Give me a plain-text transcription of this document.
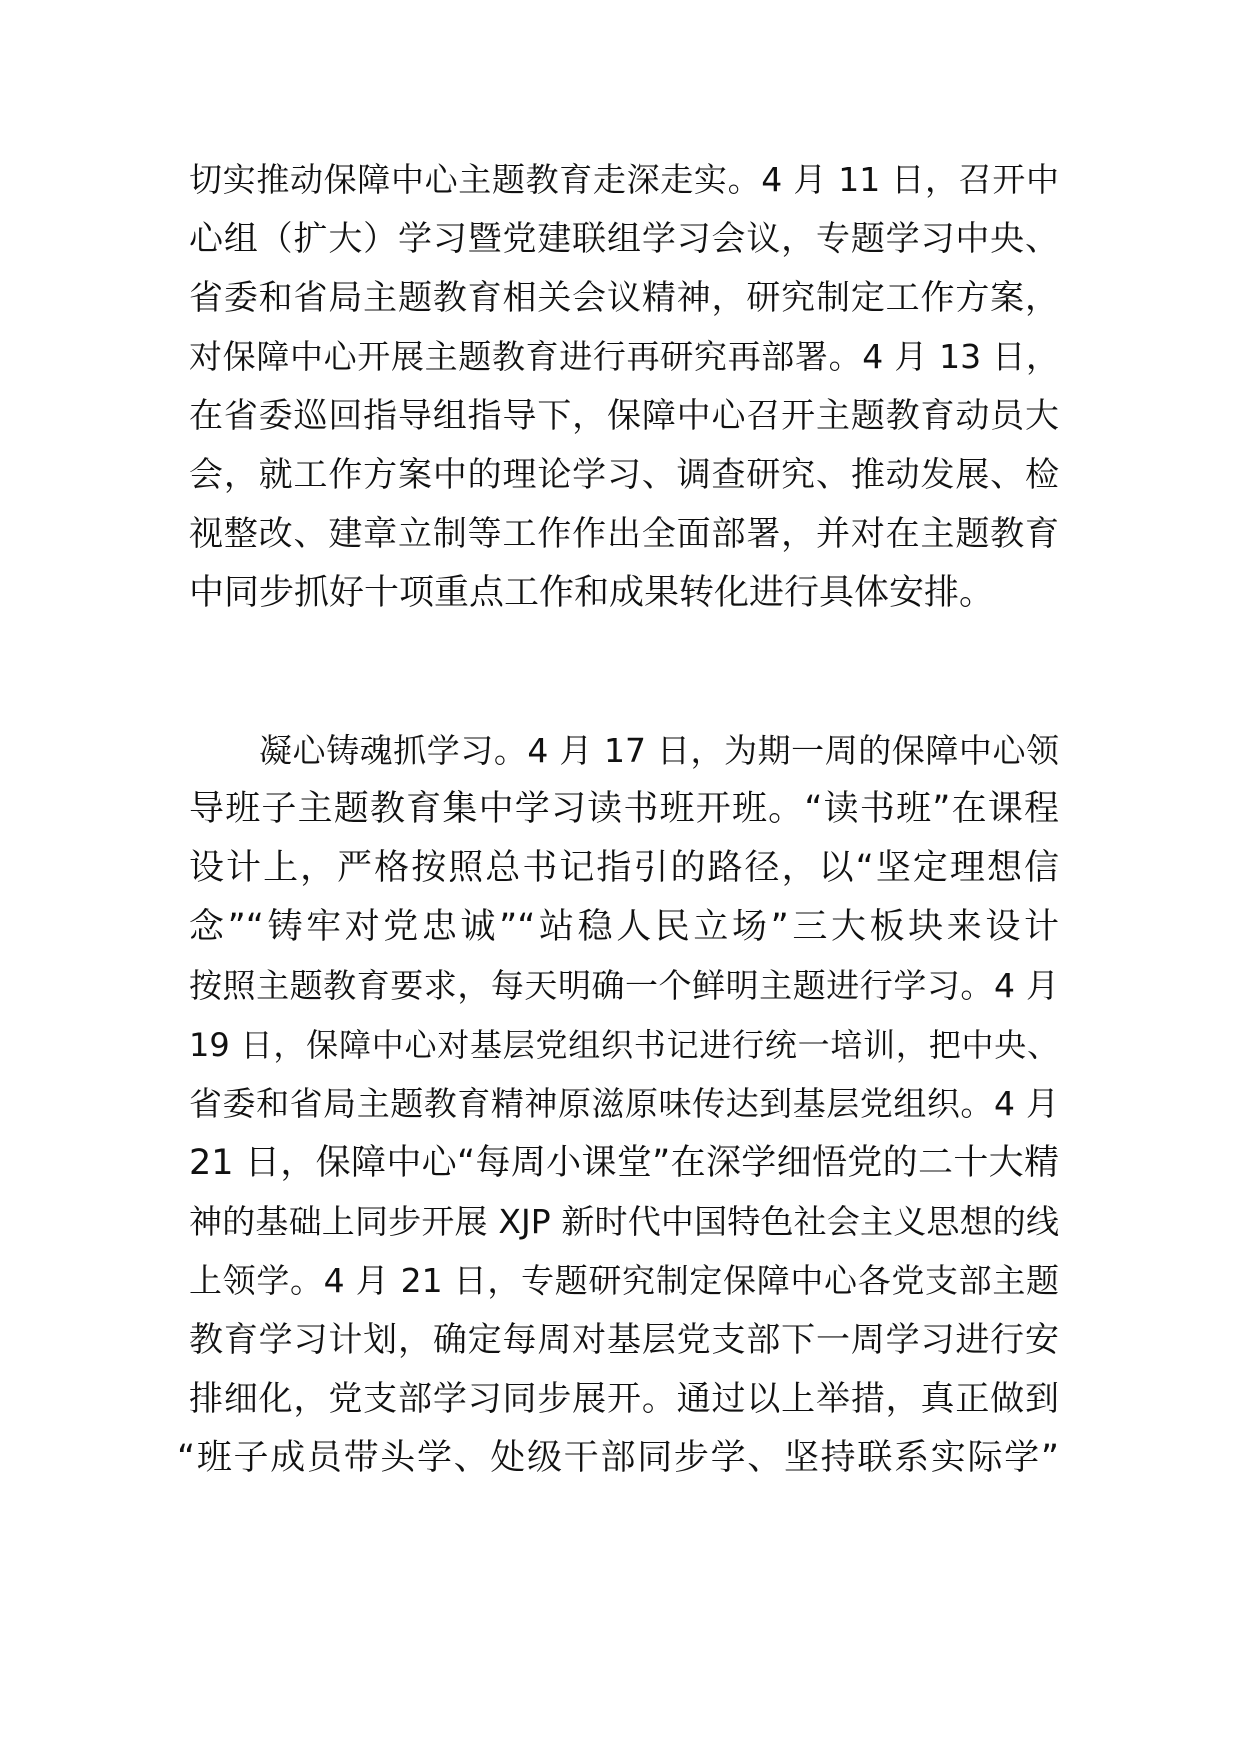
切实推动保障中心主题教育走深走实。4 月 11 日，召开中
心组（扩大）学习暨党建联组学习会议，专题学习中央、
省委和省局主题教育相关会议精神，研究制定工作方案，
对保障中心开展主题教育进行再研究再部署。4 月 13 日，
在省委巡回指导组指导下，保障中心召开主题教育动员大
会，就工作方案中的理论学习、调查研究、推动发展、检
视整改、建章立制等工作作出全面部署，并对在主题教育
中同步抓好十项重点工作和成果转化进行具体安排。
凝心铸魂抓学习。4 月 17 日，为期一周的保障中心领
导班子主题教育集中学习读书班开班。“读书班”在课程
设计上，严格按照总书记指引的路径，以“坚定理想信
念”“铸牢对党忠诚”“站稳人民立场”三大板块来设计
按照主题教育要求，每天明确一个鲜明主题进行学习。4 月
19 日，保障中心对基层党组织书记进行统一培训，把中央、
省委和省局主题教育精神原滋原味传达到基层党组织。4 月
21 日，保障中心“每周小课堂”在深学细悟党的二十大精
神的基础上同步开展 XJP 新时代中国特色社会主义思想的线
上领学。4 月 21 日，专题研究制定保障中心各党支部主题
教育学习计划，确定每周对基层党支部下一周学习进行安
排细化，党支部学习同步展开。通过以上举措，真正做到
“班子成员带头学、处级干部同步学、坚持联系实际学”
